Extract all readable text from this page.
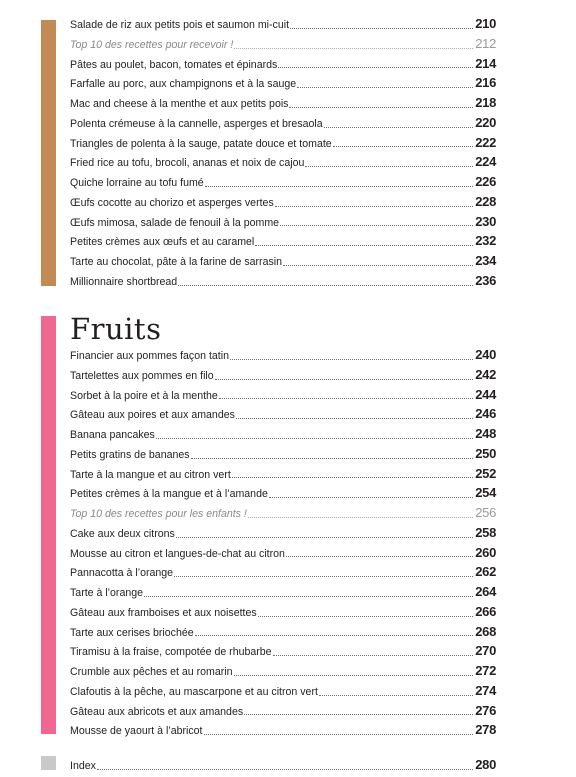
Salade de riz aux petits pois et saumon mi-cuit	210
Top 10 des recettes pour recevoir !	212
Pâtes au poulet, bacon, tomates et épinards	214
Farfalle au porc, aux champignons et à la sauge	216
Mac and cheese à la menthe et aux petits pois	218
Polenta crémeuse à la cannelle, asperges et bresaola	220
Triangles de polenta à la sauge, patate douce et tomate	222
Fried rice au tofu, brocoli, ananas et noix de cajou	224
Quiche lorraine au tofu fumé	226
Œufs cocotte au chorizo et asperges vertes	228
Œufs mimosa, salade de fenouil à la pomme	230
Petites crèmes aux œufs et au caramel	232
Tarte au chocolat, pâte à la farine de sarrasin	234
Millionnaire shortbread	236
Fruits
Financier aux pommes façon tatin	240
Tartelettes aux pommes en filo	242
Sorbet à la poire et à la menthe	244
Gâteau aux poires et aux amandes	246
Banana pancakes	248
Petits gratins de bananes	250
Tarte à la mangue et au citron vert	252
Petites crèmes à la mangue et à l’amande	254
Top 10 des recettes pour les enfants !	256
Cake aux deux citrons	258
Mousse au citron et langues-de-chat au citron	260
Pannacotta à l’orange	262
Tarte à l’orange	264
Gâteau aux framboises et aux noisettes	266
Tarte aux cerises briochée	268
Tiramisu à la fraise, compotée de rhubarbe	270
Crumble aux pêches et au romarin	272
Clafoutis à la pêche, au mascarpone et au citron vert	274
Gâteau aux abricots et aux amandes	276
Mousse de yaourt à l’abricot	278
Index	280
